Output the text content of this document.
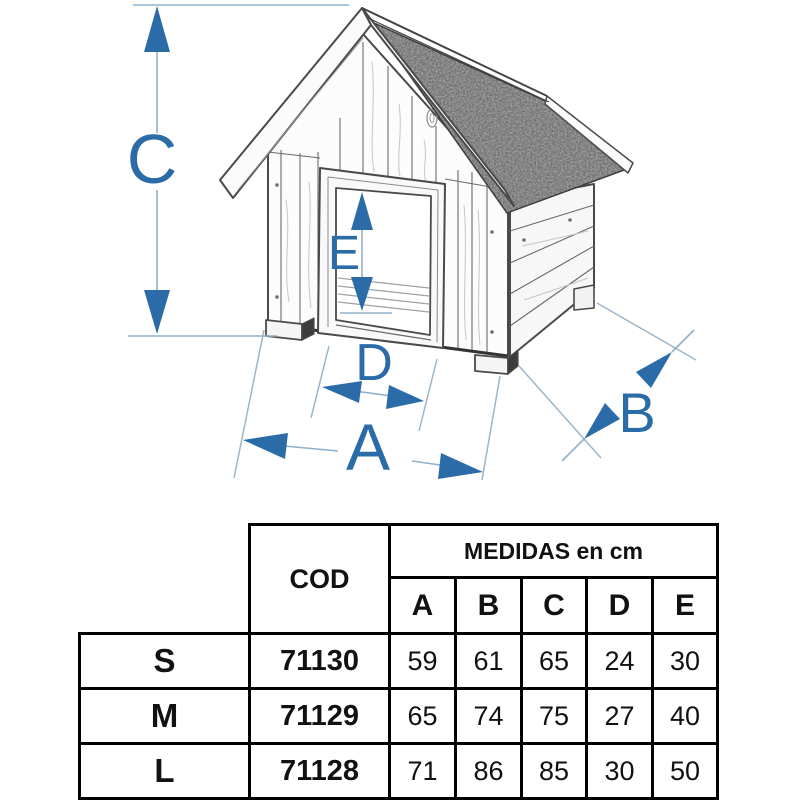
C
E
D
A	B
	COD	MEDIDAS en cm				
		A	B	C	D	E
S	71130	59	61	65	24	30
M	71129	65	74	75	27	40
L	71128	71	86	85	30	50
